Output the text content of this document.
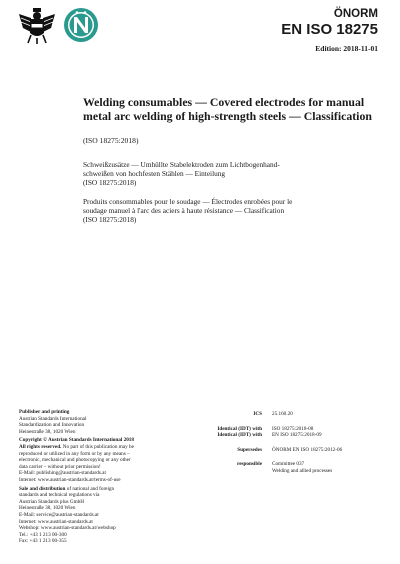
ÖNORM
EN ISO 18275
Edition: 2018-11-01
Welding consumables — Covered electrodes for manual
metal arc welding of high-strength steels — Classification
(ISO 18275:2018)
Schweißzusätze — Umhüllte Stabelektroden zum Lichtbogenhand-
schweißen von hochfesten Stählen — Einteilung
(ISO 18275:2018)
Produits consommables pour le soudage — Électrodes enrobées pour le
soudage manuel à l'arc des aciers à haute résistance — Classification
(ISO 18275:2018)
Publisher and printing
Austrian Standards International
Standardization and Innovation
Heinestraße 38, 1020 Wien
Copyright © Austrian Standards International 2018
All rights reserved. No part of this publication may be
reproduced or utilized in any form or by any means –
electronic, mechanical and photocopying or any other
data carrier – without prior permission!
E-Mail: publishing@austrian-standards.at
Internet: www.austrian-standards.at/terms-of-use
Sale and distribution of national and foreign
standards and technical regulations via
Austrian Standards plus GmbH
Heinestraße 38, 1020 Wien
E-Mail: service@austrian-standards.at
Internet: www.austrian-standards.at
Webshop: www.austrian-standards.at/webshop
Tel.: +43 1 213 00-300
Fax: +43 1 213 00-355
ICS	25.160.20
Identical (IDT) with	ISO 18275:2018-08
Identical (IDT) with	EN ISO 18275:2018-09
Supersedes	ÖNORM EN ISO 18275:2012-06
responsible	Committee 037
Welding and allied processes
